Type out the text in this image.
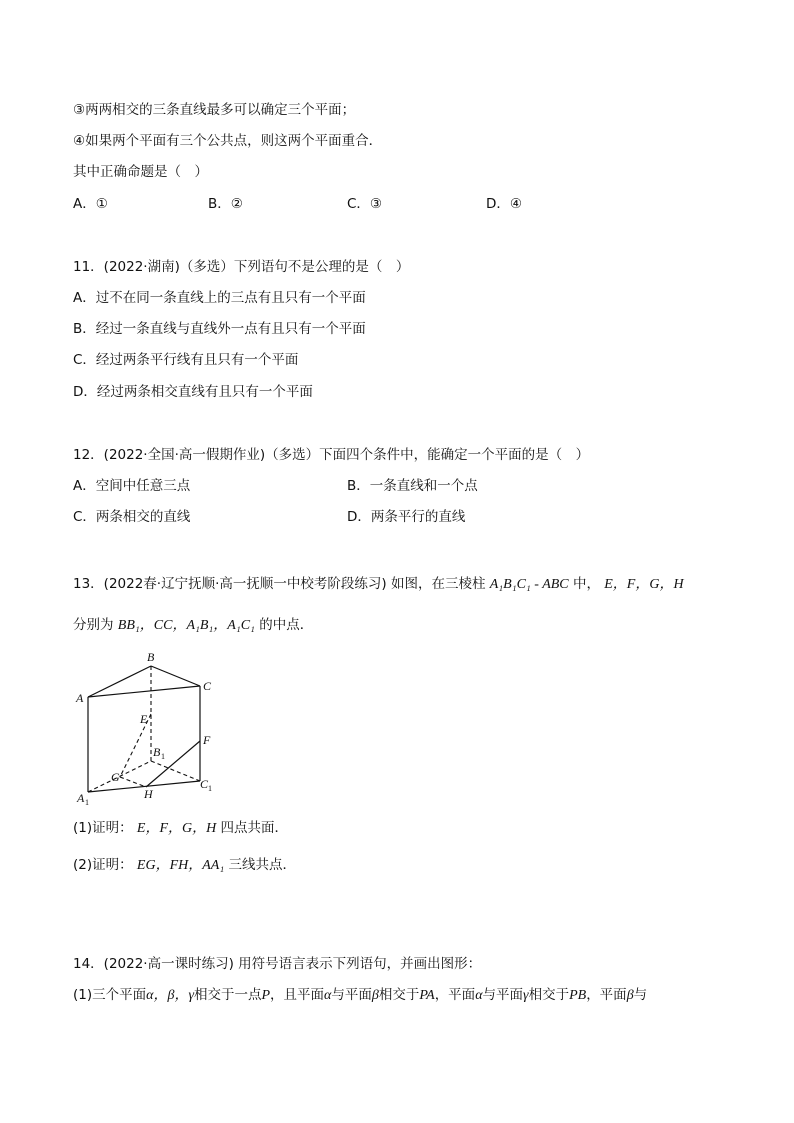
③两两相交的三条直线最多可以确定三个平面；
④如果两个平面有三个公共点，则这两个平面重合．
其中正确命题是（　）
A．①	B．②	C．③	D．④
11．(2022·湖南)（多选）下列语句不是公理的是（　）
A．过不在同一条直线上的三点有且只有一个平面
B．经过一条直线与直线外一点有且只有一个平面
C．经过两条平行线有且只有一个平面
D．经过两条相交直线有且只有一个平面
12．(2022·全国·高一假期作业)（多选）下面四个条件中，能确定一个平面的是（　）
A．空间中任意三点	B．一条直线和一个点
C．两条相交的直线	D．两条平行的直线
13．(2022春·辽宁抚顺·高一抚顺一中校考阶段练习) 如图，在三棱柱 A₁B₁C₁ - ABC 中， E，F，G，H
分别为 BB₁，CC，A₁B₁，A₁C₁ 的中点．
B
A
C
E
F
B 1
G	C 1
H
A 1
(1)证明： E，F，G，H 四点共面．
(2)证明： EG，FH，AA₁ 三线共点．
14．(2022·高一课时练习) 用符号语言表示下列语句，并画出图形：
(1)三个平面α，β，γ相交于一点P，且平面α与平面β相交于PA，平面α与平面γ相交于PB，平面β与
